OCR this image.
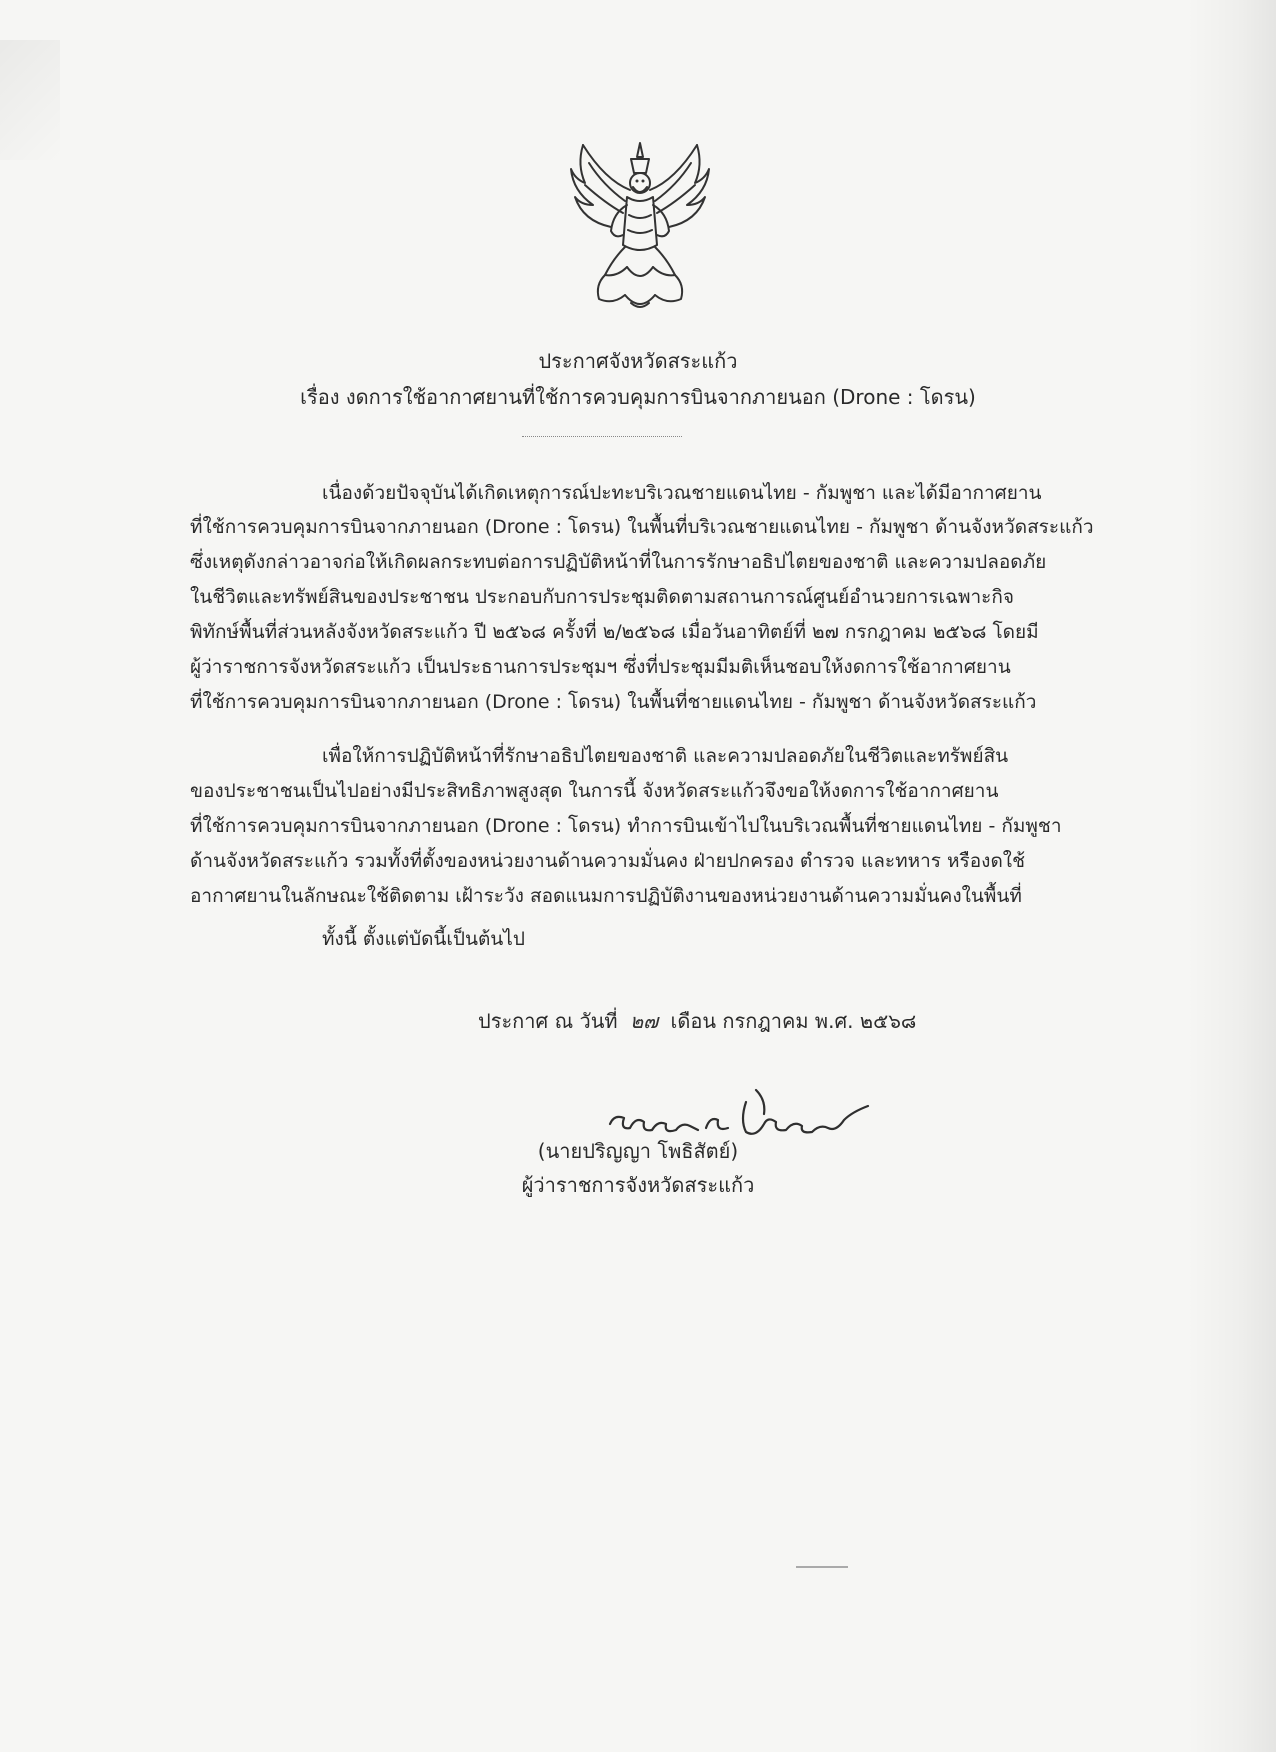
ประกาศจังหวัดสระแก้ว
เรื่อง งดการใช้อากาศยานที่ใช้การควบคุมการบินจากภายนอก (Drone : โดรน)
เนื่องด้วยปัจจุบันได้เกิดเหตุการณ์ปะทะบริเวณชายแดนไทย - กัมพูชา และได้มีอากาศยาน
ที่ใช้การควบคุมการบินจากภายนอก (Drone : โดรน) ในพื้นที่บริเวณชายแดนไทย - กัมพูชา ด้านจังหวัดสระแก้ว
ซึ่งเหตุดังกล่าวอาจก่อให้เกิดผลกระทบต่อการปฏิบัติหน้าที่ในการรักษาอธิปไตยของชาติ และความปลอดภัย
ในชีวิตและทรัพย์สินของประชาชน ประกอบกับการประชุมติดตามสถานการณ์ศูนย์อำนวยการเฉพาะกิจ
พิทักษ์พื้นที่ส่วนหลังจังหวัดสระแก้ว ปี ๒๕๖๘ ครั้งที่ ๒/๒๕๖๘ เมื่อวันอาทิตย์ที่ ๒๗ กรกฎาคม ๒๕๖๘ โดยมี
ผู้ว่าราชการจังหวัดสระแก้ว เป็นประธานการประชุมฯ ซึ่งที่ประชุมมีมติเห็นชอบให้งดการใช้อากาศยาน
ที่ใช้การควบคุมการบินจากภายนอก (Drone : โดรน) ในพื้นที่ชายแดนไทย - กัมพูชา ด้านจังหวัดสระแก้ว
เพื่อให้การปฏิบัติหน้าที่รักษาอธิปไตยของชาติ และความปลอดภัยในชีวิตและทรัพย์สิน
ของประชาชนเป็นไปอย่างมีประสิทธิภาพสูงสุด ในการนี้ จังหวัดสระแก้วจึงขอให้งดการใช้อากาศยาน
ที่ใช้การควบคุมการบินจากภายนอก (Drone : โดรน) ทำการบินเข้าไปในบริเวณพื้นที่ชายแดนไทย - กัมพูชา
ด้านจังหวัดสระแก้ว รวมทั้งที่ตั้งของหน่วยงานด้านความมั่นคง ฝ่ายปกครอง ตำรวจ และทหาร หรืองดใช้
อากาศยานในลักษณะใช้ติดตาม เฝ้าระวัง สอดแนมการปฏิบัติงานของหน่วยงานด้านความมั่นคงในพื้นที่
ทั้งนี้ ตั้งแต่บัดนี้เป็นต้นไป
ประกาศ ณ วันที่ ๒๗ เดือน กรกฎาคม พ.ศ. ๒๕๖๘
(นายปริญญา โพธิสัตย์)
ผู้ว่าราชการจังหวัดสระแก้ว
